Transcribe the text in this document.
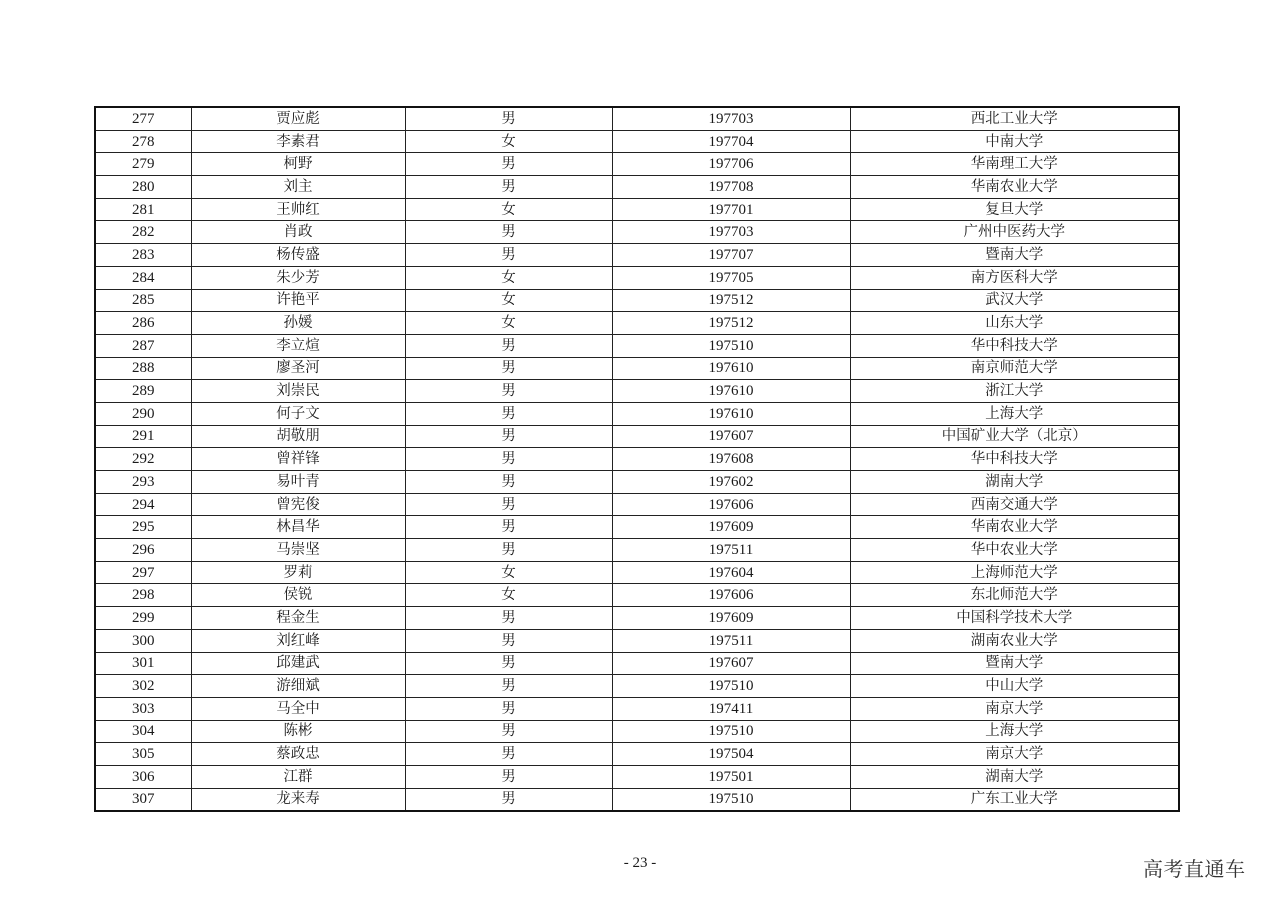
277	贾应彪	男	197703	西北工业大学
278	李素君	女	197704	中南大学
279	柯野	男	197706	华南理工大学
280	刘主	男	197708	华南农业大学
281	王帅红	女	197701	复旦大学
282	肖政	男	197703	广州中医药大学
283	杨传盛	男	197707	暨南大学
284	朱少芳	女	197705	南方医科大学
285	许艳平	女	197512	武汉大学
286	孙媛	女	197512	山东大学
287	李立煊	男	197510	华中科技大学
288	廖圣河	男	197610	南京师范大学
289	刘崇民	男	197610	浙江大学
290	何子文	男	197610	上海大学
291	胡敬朋	男	197607	中国矿业大学（北京）
292	曾祥锋	男	197608	华中科技大学
293	易叶青	男	197602	湖南大学
294	曾宪俊	男	197606	西南交通大学
295	林昌华	男	197609	华南农业大学
296	马崇坚	男	197511	华中农业大学
297	罗莉	女	197604	上海师范大学
298	侯锐	女	197606	东北师范大学
299	程金生	男	197609	中国科学技术大学
300	刘红峰	男	197511	湖南农业大学
301	邱建武	男	197607	暨南大学
302	游细斌	男	197510	中山大学
303	马全中	男	197411	南京大学
304	陈彬	男	197510	上海大学
305	蔡政忠	男	197504	南京大学
306	江群	男	197501	湖南大学
307	龙来寿	男	197510	广东工业大学
- 23 -	高考直通车
